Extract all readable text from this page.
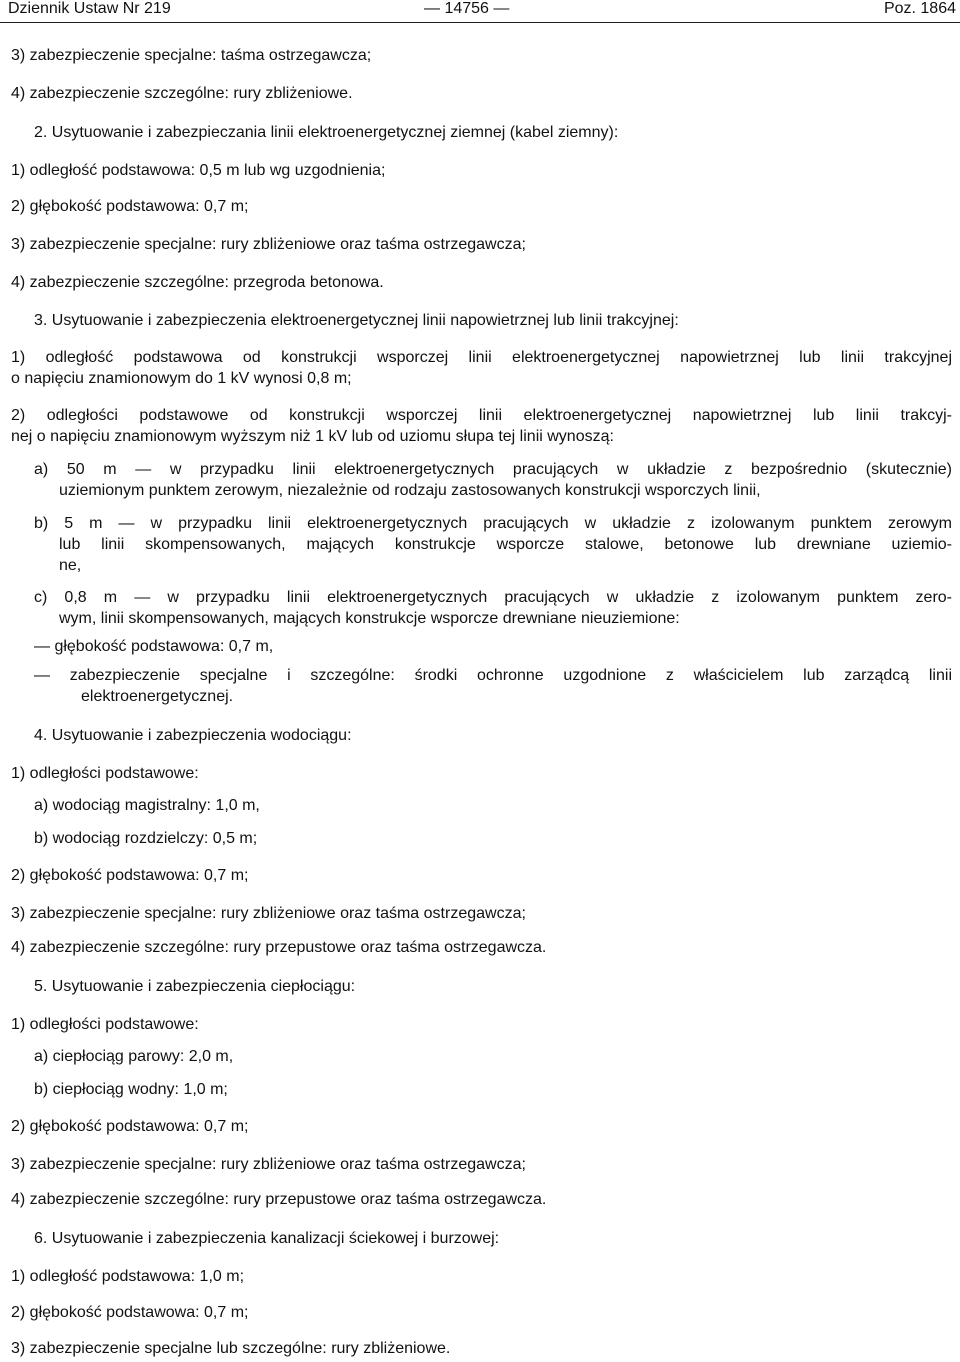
Dziennik Ustaw Nr 219	— 14756 —	Poz. 1864
3) zabezpieczenie specjalne: taśma ostrzegawcza;
4) zabezpieczenie szczególne: rury zbliżeniowe.
2. Usytuowanie i zabezpieczania linii elektroenergetycznej ziemnej (kabel ziemny):
1) odległość podstawowa: 0,5 m lub wg uzgodnienia;
2) głębokość podstawowa: 0,7 m;
3) zabezpieczenie specjalne: rury zbliżeniowe oraz taśma ostrzegawcza;
4) zabezpieczenie szczególne: przegroda betonowa.
3. Usytuowanie i zabezpieczenia elektroenergetycznej linii napowietrznej lub linii trakcyjnej:
1) odległość podstawowa od konstrukcji wsporczej linii elektroenergetycznej napowietrznej lub linii trakcyjnej
o napięciu znamionowym do 1 kV wynosi 0,8 m;
2) odległości podstawowe od konstrukcji wsporczej linii elektroenergetycznej napowietrznej lub linii trakcyj-
nej o napięciu znamionowym wyższym niż 1 kV lub od uziomu słupa tej linii wynoszą:
a) 50 m — w przypadku linii elektroenergetycznych pracujących w układzie z bezpośrednio (skutecznie)
uziemionym punktem zerowym, niezależnie od rodzaju zastosowanych konstrukcji wsporczych linii,
b) 5 m — w przypadku linii elektroenergetycznych pracujących w układzie z izolowanym punktem zerowym
lub linii skompensowanych, mających konstrukcje wsporcze stalowe, betonowe lub drewniane uziemio-
ne,
c) 0,8 m — w przypadku linii elektroenergetycznych pracujących w układzie z izolowanym punktem zero-
wym, linii skompensowanych, mających konstrukcje wsporcze drewniane nieuziemione:
— głębokość podstawowa: 0,7 m,
— zabezpieczenie specjalne i szczególne: środki ochronne uzgodnione z właścicielem lub zarządcą linii
elektroenergetycznej.
4. Usytuowanie i zabezpieczenia wodociągu:
1) odległości podstawowe:
a) wodociąg magistralny: 1,0 m,
b) wodociąg rozdzielczy: 0,5 m;
2) głębokość podstawowa: 0,7 m;
3) zabezpieczenie specjalne: rury zbliżeniowe oraz taśma ostrzegawcza;
4) zabezpieczenie szczególne: rury przepustowe oraz taśma ostrzegawcza.
5. Usytuowanie i zabezpieczenia ciepłociągu:
1) odległości podstawowe:
a) ciepłociąg parowy: 2,0 m,
b) ciepłociąg wodny: 1,0 m;
2) głębokość podstawowa: 0,7 m;
3) zabezpieczenie specjalne: rury zbliżeniowe oraz taśma ostrzegawcza;
4) zabezpieczenie szczególne: rury przepustowe oraz taśma ostrzegawcza.
6. Usytuowanie i zabezpieczenia kanalizacji ściekowej i burzowej:
1) odległość podstawowa: 1,0 m;
2) głębokość podstawowa: 0,7 m;
3) zabezpieczenie specjalne lub szczególne: rury zbliżeniowe.
